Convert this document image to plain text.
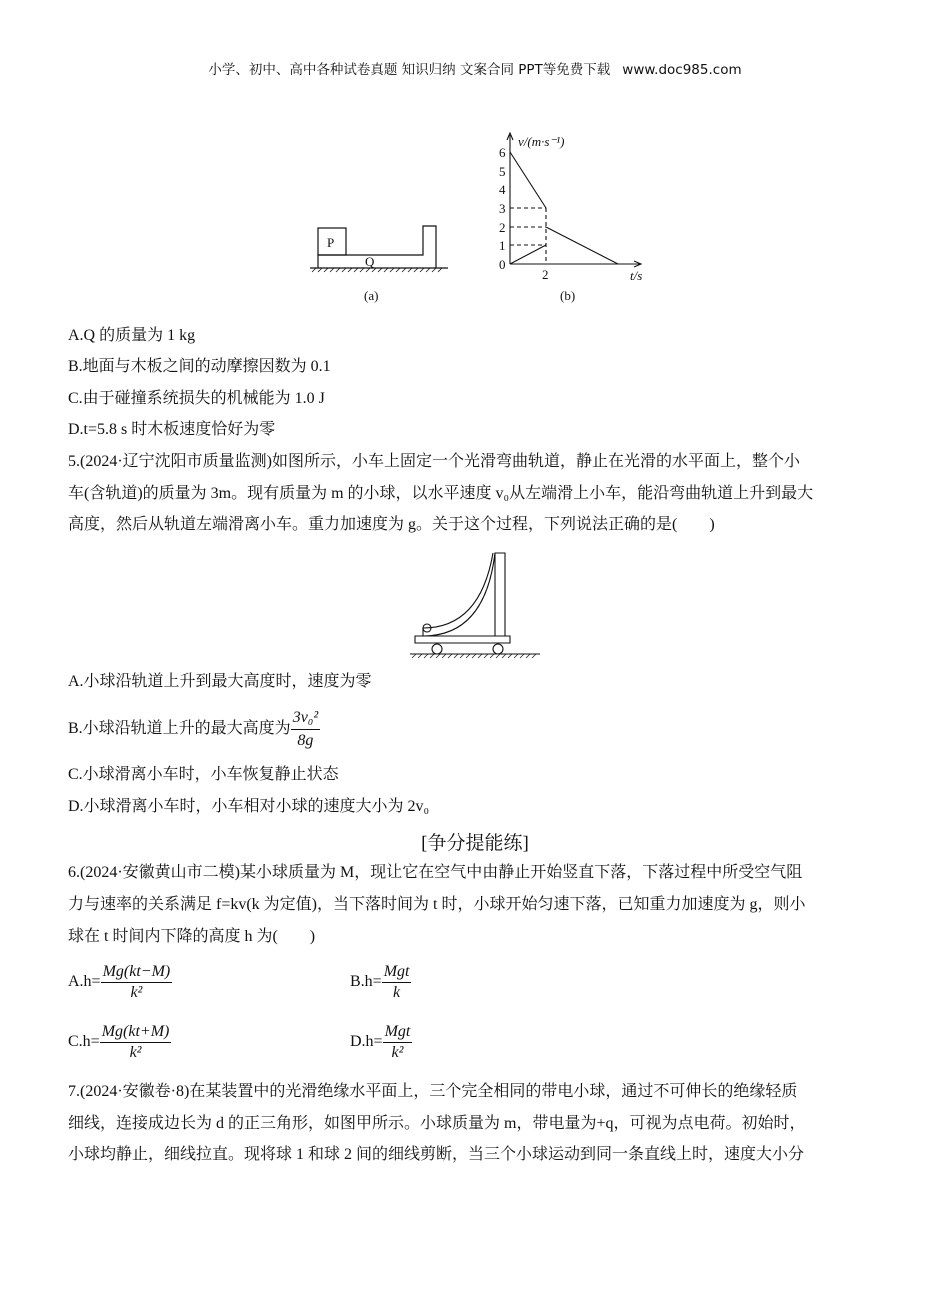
小学、初中、高中各种试卷真题 知识归纳 文案合同 PPT等免费下载 www.doc985.com
P
Q
(a)
v/(m·s⁻¹)
0
1
2
3
4
5
6
2	t/s
(b)
A.Q 的质量为 1 kg
B.地面与木板之间的动摩擦因数为 0.1
C.由于碰撞系统损失的机械能为 1.0 J
D.t=5.8 s 时木板速度恰好为零
5.(2024·辽宁沈阳市质量监测)如图所示，小车上固定一个光滑弯曲轨道，静止在光滑的水平面上，整个小
车(含轨道)的质量为 3m。现有质量为 m 的小球，以水平速度 v₀从左端滑上小车，能沿弯曲轨道上升到最大
高度，然后从轨道左端滑离小车。重力加速度为 g。关于这个过程，下列说法正确的是(　　)
A.小球沿轨道上升到最大高度时，速度为零
B.小球沿轨道上升的最大高度为 $\frac{\text{3v₀²}}{8g}$
C.小球滑离小车时，小车恢复静止状态
D.小球滑离小车时，小车相对小球的速度大小为 2v₀
[争分提能练]
6.(2024·安徽黄山市二模)某小球质量为 M，现让它在空气中由静止开始竖直下落，下落过程中所受空气阻
力与速率的关系满足 f=kv(k 为定值)，当下落时间为 t 时，小球开始匀速下落，已知重力加速度为 g，则小
球在 t 时间内下降的高度 h 为(　　)
$A.h= \frac{Mg(kt-M)}{\text{k²}}$	$B.h= \frac{\text{Mgt}}{k}$
$C.h= \frac{Mg(kt+M)}{\text{k²}}$	$D.h= \frac{\text{Mgt}}{\text{k²}}$
7.(2024·安徽卷·8)在某装置中的光滑绝缘水平面上，三个完全相同的带电小球，通过不可伸长的绝缘轻质
细线，连接成边长为 d 的正三角形，如图甲所示。小球质量为 m，带电量为+q，可视为点电荷。初始时，
小球均静止，细线拉直。现将球 1 和球 2 间的细线剪断，当三个小球运动到同一条直线上时，速度大小分
